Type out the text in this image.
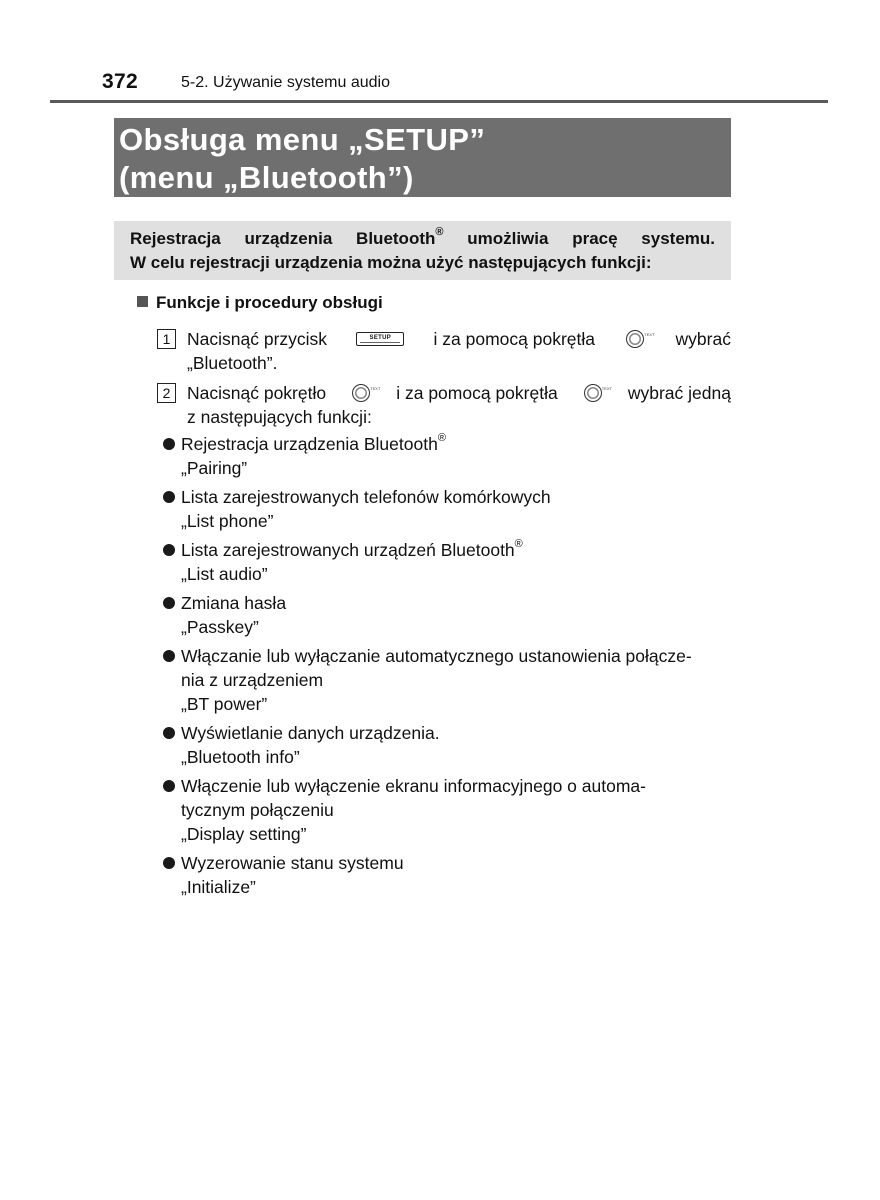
372	5-2. Używanie systemu audio
Obsługa menu „SETUP”
(menu „Bluetooth”)
Rejestracja urządzenia Bluetooth® umożliwia pracę systemu.
W celu rejestracji urządzenia można użyć następujących funkcji:
Funkcje i procedury obsługi
1 Nacisnąć przycisk	SETUP	i za pomocą pokrętła TEXT	wybrać
„Bluetooth”.
2 Nacisnąć pokrętło TEXT	i za pomocą pokrętła TEXT	wybrać jedną
z następujących funkcji:
Rejestracja urządzenia Bluetooth®
„Pairing”
Lista zarejestrowanych telefonów komórkowych
„List phone”
Lista zarejestrowanych urządzeń Bluetooth®
„List audio”
Zmiana hasła
„Passkey”
Włączanie lub wyłączanie automatycznego ustanowienia połącze-
nia z urządzeniem
„BT power”
Wyświetlanie danych urządzenia.
„Bluetooth info”
Włączenie lub wyłączenie ekranu informacyjnego o automa-
tycznym połączeniu
„Display setting”
Wyzerowanie stanu systemu
„Initialize”
